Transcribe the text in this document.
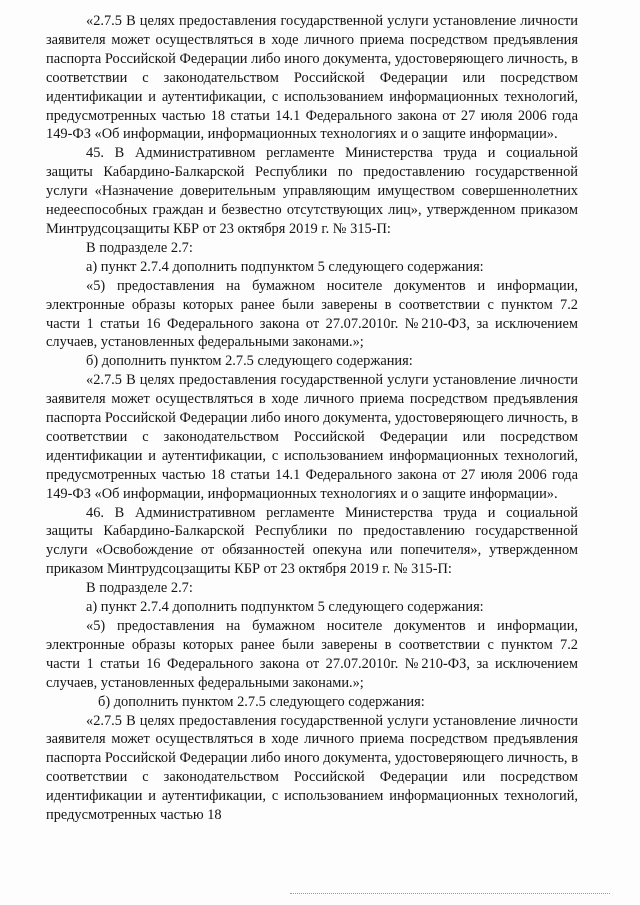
«2.7.5 В целях предоставления государственной услуги установление личности заявителя может осуществляться в ходе личного приема посредством предъявления паспорта Российской Федерации либо иного документа, удостоверяющего личность, в соответствии с законодательством Российской Федерации или посредством идентификации и аутентификации, с использованием информационных технологий, предусмотренных частью 18 статьи 14.1 Федерального закона от 27 июля 2006 года 149-ФЗ «Об информации, информационных технологиях и о защите информации».

45. В Административном регламенте Министерства труда и социальной защиты Кабардино-Балкарской Республики по предоставлению государственной услуги «Назначение доверительным управляющим имуществом совершеннолетних недееспособных граждан и безвестно отсутствующих лиц», утвержденном приказом Минтрудсоцзащиты КБР от 23 октября 2019 г. № 315-П:

В подразделе 2.7:

а) пункт 2.7.4 дополнить подпунктом 5 следующего содержания:

«5) предоставления на бумажном носителе документов и информации, электронные образы которых ранее были заверены в соответствии с пунктом 7.2 части 1 статьи 16 Федерального закона от 27.07.2010г. №210-ФЗ, за исключением случаев, установленных федеральными законами.»;

б) дополнить пунктом 2.7.5 следующего содержания:

«2.7.5 В целях предоставления государственной услуги установление личности заявителя может осуществляться в ходе личного приема посредством предъявления паспорта Российской Федерации либо иного документа, удостоверяющего личность, в соответствии с законодательством Российской Федерации или посредством идентификации и аутентификации, с использованием информационных технологий, предусмотренных частью 18 статьи 14.1 Федерального закона от 27 июля 2006 года 149-ФЗ «Об информации, информационных технологиях и о защите информации».

46. В Административном регламенте Министерства труда и социальной защиты Кабардино-Балкарской Республики по предоставлению государственной услуги «Освобождение от обязанностей опекуна или попечителя», утвержденном приказом Минтрудсоцзащиты КБР от 23 октября 2019 г. № 315-П:

В подразделе 2.7:

а) пункт 2.7.4 дополнить подпунктом 5 следующего содержания:

«5) предоставления на бумажном носителе документов и информации, электронные образы которых ранее были заверены в соответствии с пунктом 7.2 части 1 статьи 16 Федерального закона от 27.07.2010г. №210-ФЗ, за исключением случаев, установленных федеральными законами.»;

б) дополнить пунктом 2.7.5 следующего содержания:

«2.7.5 В целях предоставления государственной услуги установление личности заявителя может осуществляться в ходе личного приема посредством предъявления паспорта Российской Федерации либо иного документа, удостоверяющего личность, в соответствии с законодательством Российской Федерации или посредством идентификации и аутентификации, с использованием информационных технологий, предусмотренных частью 18
